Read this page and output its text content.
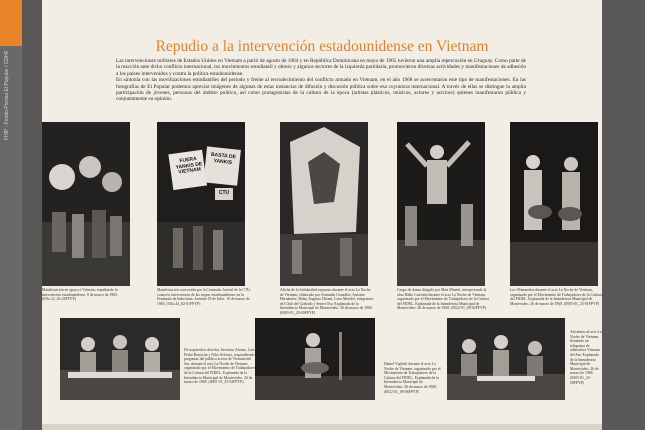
FHIP - Fondo Prensa El Popular / CDHF
Repudio a la intervención estadounidense en Vietnam

Las intervenciones militares de Estados Unidos en Vietnam a partir de agosto de 1964 y en República Dominicana en mayo de 1965 tuvieron una amplia repercusión en Uruguay. Como parte de la reacción ante dicho conflicto internacional, los movimientos estudiantil y obrero y algunos sectores de la izquierda partidaria, promovieron diversas actividades y manifestaciones de adhesión a los países intervenidos y contra la política estadounidense.

En sintonía con las movilizaciones estudiantiles del período y frente al recrudecimiento del conflicto armado en Vietnam, en el año 1968 se acrecentaron este tipo de manifestaciones. En las fotografías de El Popular podemos apreciar imágenes de algunas de estas instancias de difusión y discusión pública sobre esa coyuntura internacional. A través de ellas se distingue la amplia participación de jóvenes, personas del ámbito político, así como protagonistas de la cultura de la época (artistas plásticos, músicos, actores y actrices) quienes manifestaron pública y conjuntamente su opinión.

Manifestación en apoyo a Vietnam, repudiando la intervención estadounidense. 8 de marzo de 1965. (03lo.22_26-24FPYP)
FUERA YANKIS DE VIETNAM
BASTA DE YANKIS
CTU
Manifestación convocada por la Comisión Juvenil de la CTU, contra la intervención de las tropas estadounidenses en la Península de Indochina. Avenida 18 de Julio. 10 de marzo de 1965. (03lo.44_02-01FPYP)
Afiche de la Solidaridad expuesto durante el acto La Noche de Vietnam, elaborado por Armando González, Antonio Hernández, Hahn, Eugenio Darnet, Leon Mondel, integrantes del Club del Grabado y Seneo Osa. Explanada de la Intendencia Municipal de Montevideo. 26 de marzo de 1968. (0005-01_20-00FPYP)
Grupo de danza dirigido por Mari Minetti, interpretando la obra Hallo Cuestión durante el acto La Noche de Vietnam, organizado por el Movimiento de Trabajadores de la Cultura del FIDEL. Explanada de la Intendencia Municipal de Montevideo. 26 de marzo de 1968. (0022-01_08-02FPYP)
Los Olimareños durante el acto La Noche de Vietnam, organizado por el Movimiento de Trabajadores de la Cultura del FIDEL. Explanada de la Intendencia Municipal de Montevideo. 26 de marzo de 1968. (0005-01_25-01FPYP)
De izquierda a derecha, Severino Alonso, Luis Pedro Bonavita y Niko Schvarz, respondiendo preguntas del público acerca de Vietnam del Sur, durante el acto La Noche de Vietnam organizado por el Movimiento de Trabajadores de la Cultura del FIDEL. Explanada de la Intendencia Municipal de Montevideo, 26 de marzo de 1968. (0005-01_25-02FPYP)
Daniel Viglietti durante el acto La Noche de Vietnam, organizado por el Movimiento de Trabajadores de la Cultura del FIDEL. Explanada de la Intendencia Municipal de Montevideo. 26 de marzo de 1968. (0022-01_08-06FPYP)
Asistentes al acto La Noche de Vietnam, firmando un telegrama de adhesión a Vietnam del Sur. Explanada de la Intendencia Municipal de Montevideo. 26 de marzo de 1968. (0005-01_23-00FPYP)
